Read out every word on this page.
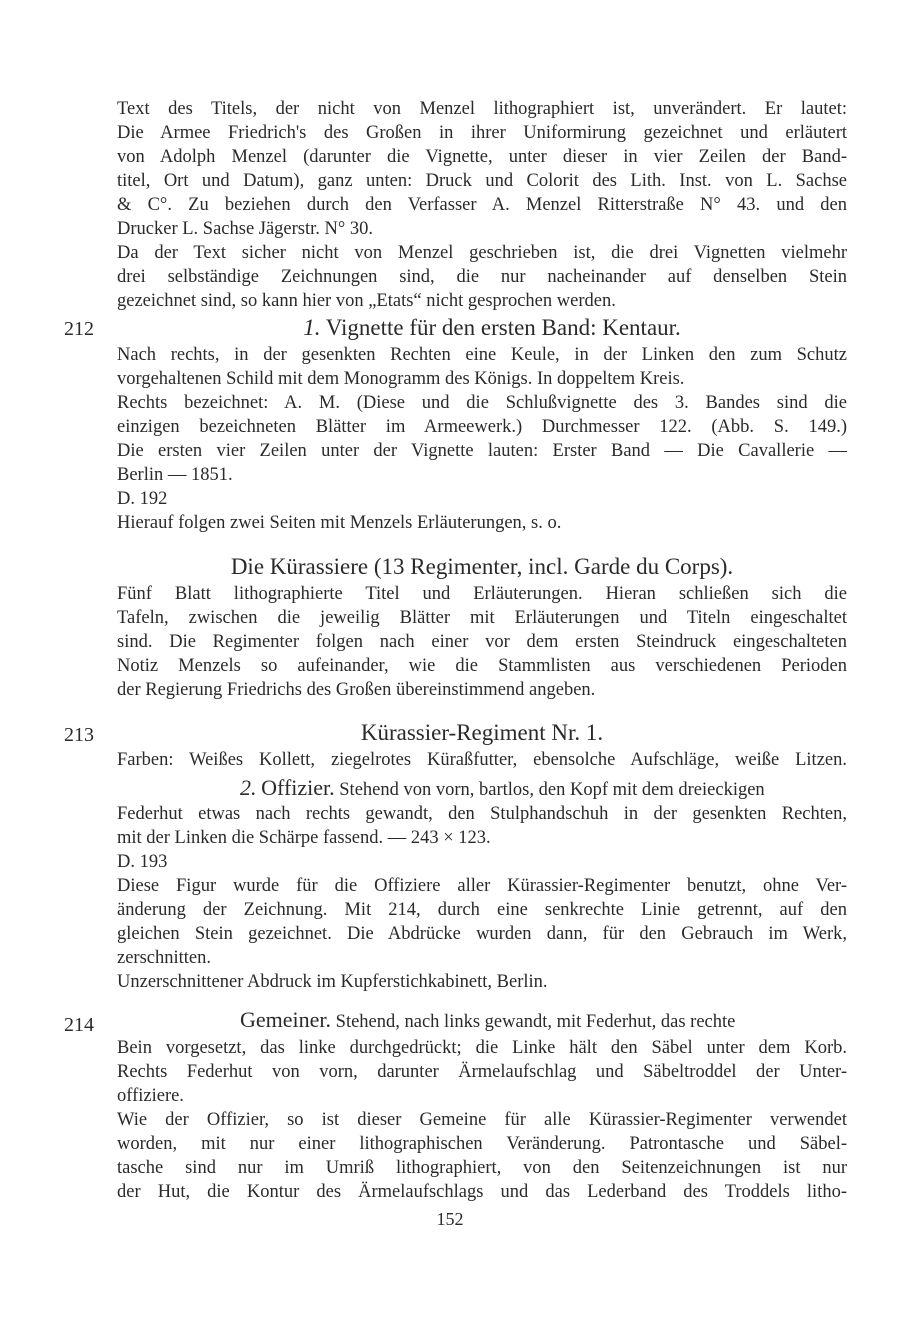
Text des Titels, der nicht von Menzel lithographiert ist, unverändert. Er lautet:
Die Armee Friedrich's des Großen in ihrer Uniformirung gezeichnet und erläutert
von Adolph Menzel (darunter die Vignette, unter dieser in vier Zeilen der Band-
titel, Ort und Datum), ganz unten: Druck und Colorit des Lith. Inst. von L. Sachse
& C°. Zu beziehen durch den Verfasser A. Menzel Ritterstraße N° 43. und den
Drucker L. Sachse Jägerstr. N° 30.
Da der Text sicher nicht von Menzel geschrieben ist, die drei Vignetten vielmehr
drei selbständige Zeichnungen sind, die nur nacheinander auf denselben Stein
gezeichnet sind, so kann hier von „Etats“ nicht gesprochen werden.
212	1. Vignette für den ersten Band: Kentaur.
Nach rechts, in der gesenkten Rechten eine Keule, in der Linken den zum Schutz
vorgehaltenen Schild mit dem Monogramm des Königs. In doppeltem Kreis.
Rechts bezeichnet: A. M. (Diese und die Schlußvignette des 3. Bandes sind die
einzigen bezeichneten Blätter im Armeewerk.) Durchmesser 122. (Abb. S. 149.)
Die ersten vier Zeilen unter der Vignette lauten: Erster Band — Die Cavallerie —
Berlin — 1851.
D. 192
Hierauf folgen zwei Seiten mit Menzels Erläuterungen, s. o.
Die Kürassiere (13 Regimenter, incl. Garde du Corps).
Fünf Blatt lithographierte Titel und Erläuterungen. Hieran schließen sich die
Tafeln, zwischen die jeweilig Blätter mit Erläuterungen und Titeln eingeschaltet
sind. Die Regimenter folgen nach einer vor dem ersten Steindruck eingeschalteten
Notiz Menzels so aufeinander, wie die Stammlisten aus verschiedenen Perioden
der Regierung Friedrichs des Großen übereinstimmend angeben.
213	Kürassier-Regiment Nr. 1.
Farben: Weißes Kollett, ziegelrotes Küraßfutter, ebensolche Aufschläge, weiße Litzen.
2. Offizier. Stehend von vorn, bartlos, den Kopf mit dem dreieckigen
Federhut etwas nach rechts gewandt, den Stulphandschuh in der gesenkten Rechten,
mit der Linken die Schärpe fassend. — 243 × 123.
D. 193
Diese Figur wurde für die Offiziere aller Kürassier-Regimenter benutzt, ohne Ver-
änderung der Zeichnung. Mit 214, durch eine senkrechte Linie getrennt, auf den
gleichen Stein gezeichnet. Die Abdrücke wurden dann, für den Gebrauch im Werk,
zerschnitten.
Unzerschnittener Abdruck im Kupferstichkabinett, Berlin.
214	Gemeiner. Stehend, nach links gewandt, mit Federhut, das rechte
Bein vorgesetzt, das linke durchgedrückt; die Linke hält den Säbel unter dem Korb.
Rechts Federhut von vorn, darunter Ärmelaufschlag und Säbeltroddel der Unter-
offiziere.
Wie der Offizier, so ist dieser Gemeine für alle Kürassier-Regimenter verwendet
worden, mit nur einer lithographischen Veränderung. Patrontasche und Säbel-
tasche sind nur im Umriß lithographiert, von den Seitenzeichnungen ist nur
der Hut, die Kontur des Ärmelaufschlags und das Lederband des Troddels litho-
152
